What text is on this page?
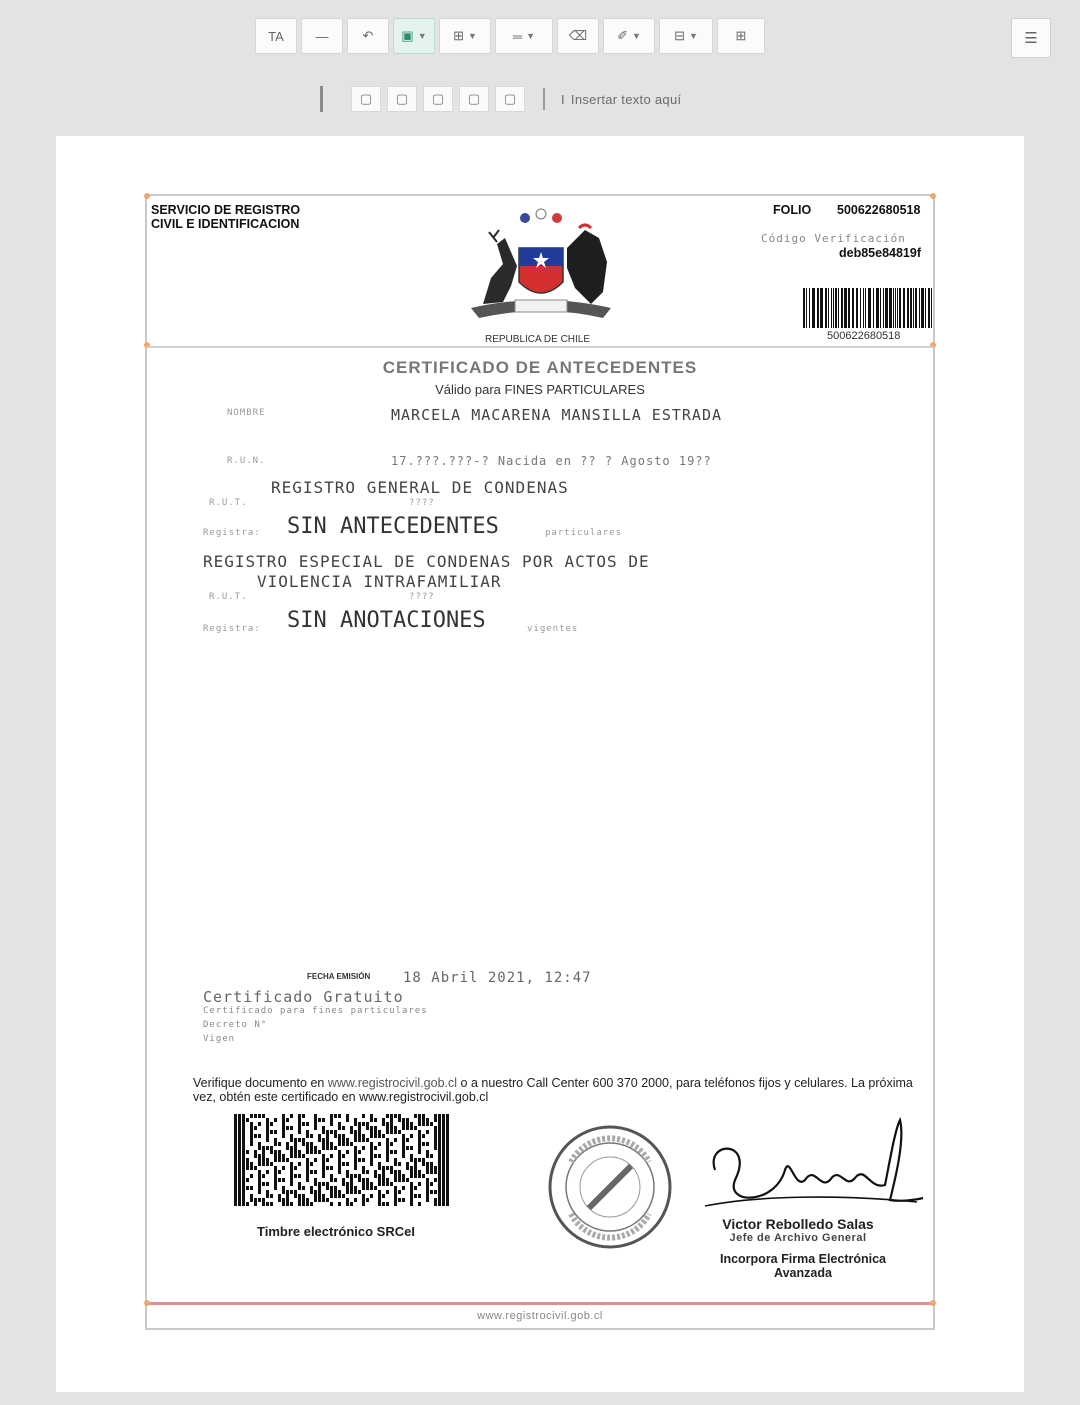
TA —	↶ ▣ ▼ ⊞ ▼	═ ▼	⌫ ✐ ▼	⊟ ▼	⊞	☰
▢ ▢ ▢ ▢ ▢	I Insertar texto aquí
SERVICIO DE REGISTRO
CIVIL E IDENTIFICACION
FOLIO 500622680518
Código Verificación
deb85e84819f
500622680518
REPUBLICA DE CHILE
CERTIFICADO DE ANTECEDENTES
Válido para FINES PARTICULARES
NOMBRE	MARCELA MACARENA MANSILLA ESTRADA
R.U.N.	17.???.???-? Nacida en ?? ? Agosto 19??
REGISTRO GENERAL DE CONDENAS
R.U.T.	????
Registra: SIN ANTECEDENTES	particulares
REGISTRO ESPECIAL DE CONDENAS POR ACTOS DE
VIOLENCIA INTRAFAMILIAR
R.U.T.	????
Registra: SIN ANOTACIONES	vigentes
FECHA EMISIÓN 18 Abril 2021, 12:47
Certificado Gratuito
Certificado para fines particulares
Decreto N°
Vigen
Verifique documento en www.registrocivil.gob.cl o a nuestro Call Center 600 370 2000, para teléfonos fijos y celulares. La próxima vez, obtén este certificado en www.registrocivil.gob.cl
Timbre electrónico SRCeI	Victor Rebolledo Salas
Jefe de Archivo General
Incorpora Firma Electrónica
Avanzada
www.registrocivil.gob.cl
